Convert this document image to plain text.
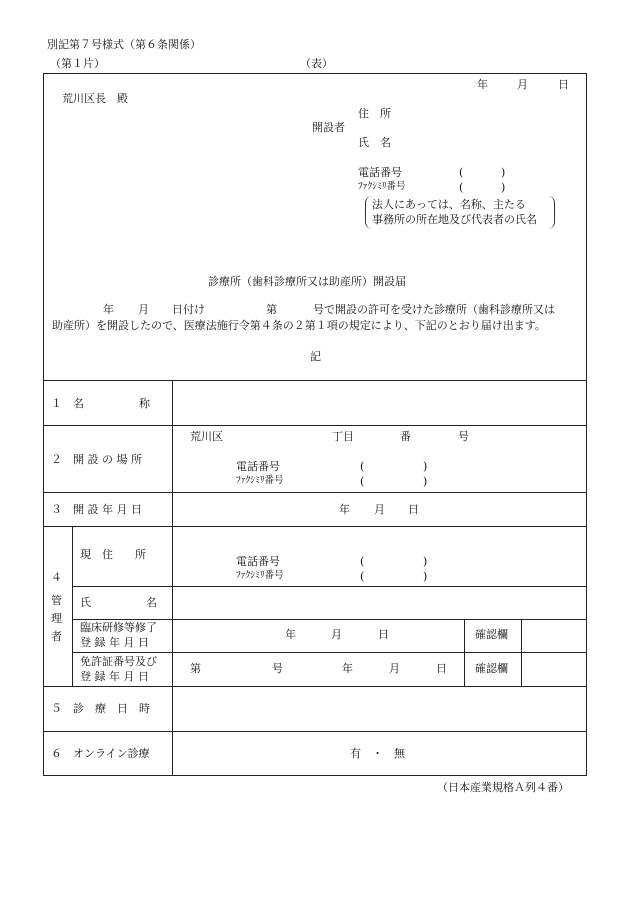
別記第７号様式（第６条関係）
（第１片）	（表）
年	月	日
荒川区長　殿
住　所
開設者
氏　名
電話番号	(	)
ﾌｧｸｼﾐﾘ番号	(	)
法人にあっては、名称、主たる
事務所の所在地及び代表者の氏名
診療所（歯科診療所又は助産所）開設届
年 月 日付け	第	号で開設の許可を受けた診療所（歯科診療所又は
助産所）を開設したので、医療法施行令第４条の２第１項の規定により、下記のとおり届け出ます。
記
１　名　　　　　称
２　開 設 の 場 所
荒川区	丁目	番	号
電話番号	(	)
ﾌｧｸｼﾐﾘ番号	(	)
３　開 設 年 月 日	年 月 日
４
管
理
者
現　住　　所
電話番号	(	)
ﾌｧｸｼﾐﾘ番号	(	)
氏　　　　　名
臨床研修等修了
登 録 年 月 日
年	月	日	確認欄
免許証番号及び
登 録 年 月 日
第	号	年	月	日	確認欄
５　診　療　日　時
６　オンライン診療	有　・　無
（日本産業規格Ａ列４番）
